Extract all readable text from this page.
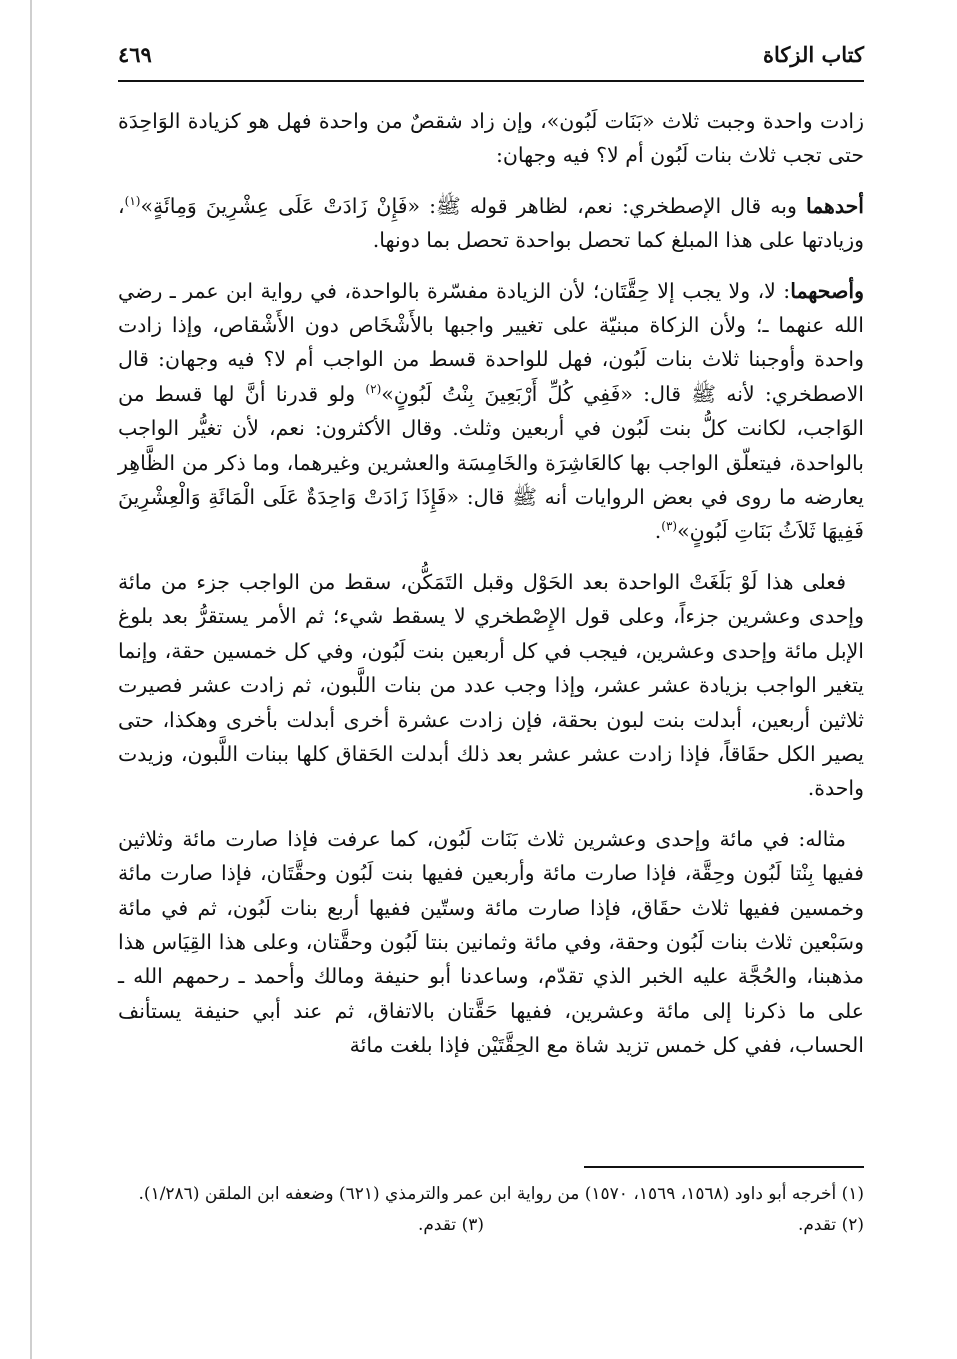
كتاب الزكاة
٤٦٩

زادت واحدة وجبت ثلاث «بَنَات لَبُون»، وإن زاد شقصٌ من واحدة فهل هو كزيادة الوَاحِدَة حتى تجب ثلاث بنات لَبُون أم لا؟ فيه وجهان:

أحدهما وبه قال الإصطخري: نعم، لظاهر قوله ﷺ: «فَإِنْ زَادَتْ عَلَى عِشْرِينَ وَمِائَةٍ»$^{(١)}$، وزيادتها على هذا المبلغ كما تحصل بواحدة تحصل بما دونها.

وأصحهما: لا، ولا يجب إلا حِقَّتَان؛ لأن الزيادة مفسّرة بالواحدة، في رواية ابن عمر ـ رضي الله عنهما ـ؛ ولأن الزكاة مبنيّة على تغيير واجبها بالأَشْخَاص دون الأَشْقاص، وإذا زادت واحدة وأوجبنا ثلاث بنات لَبُون، فهل للواحدة قسط من الواجب أم لا؟ فيه وجهان: قال الاصطخري: لأنه ﷺ قال: «فَفِي كُلِّ أَرْبَعِينَ بِنْتُ لَبُونٍ»$^{(٢)}$ ولو قدرنا أنَّ لها قسط من الوَاجب، لكانت كلُّ بنت لَبُون في أربعين وثلث. وقال الأكثرون: نعم، لأن تغيُّر الواجب بالواحدة، فيتعلّق الواجب بها كالعَاشِرَة والخَامِسَة والعشرين وغيرهما، وما ذكر من الظَّاهِر يعارضه ما روى في بعض الروايات أنه ﷺ قال: «فَإِذَا زَادَتْ وَاحِدَةٌ عَلَى الْمَائَةِ وَالْعِشْرِينَ فَفِيهَا ثَلاَثُ بَنَاتِ لَبُونٍ»$^{(٣)}$.

فعلى هذا لَوْ بَلَغَتْ الواحدة بعد الحَوْل وقبل التَمَكُّن، سقط من الواجب جزء من مائة وإحدى وعشرين جزءاً، وعلى قول الإِصْطخري لا يسقط شيء؛ ثم الأمر يستقرُّ بعد بلوغ الإبل مائة وإحدى وعشرين، فيجب في كل أربعين بنت لَبُون، وفي كل خمسين حقة، وإنما يتغير الواجب بزيادة عشر عشر، وإذا وجب عدد من بنات اللَّبون، ثم زادت عشر فصيرت ثلاثين أربعين، أبدلت بنت لبون بحقة، فإن زادت عشرة أخرى أبدلت بأخرى وهكذا، حتى يصير الكل حقَاقاً، فإذا زادت عشر عشر بعد ذلك أبدلت الحَقاق كلها ببنات اللَّبون، وزيدت واحدة.

مثاله: في مائة وإحدى وعشرين ثلاث بَنَات لَبُون، كما عرفت فإذا صارت مائة وثلاثين ففيها بِنْتا لَبُون وحِقَّة، فإذا صارت مائة وأربعين ففيها بنت لَبُون وحقَّتَان، فإذا صارت مائة وخمسين ففيها ثلاث حقَاق، فإذا صارت مائة وستّين ففيها أربع بنات لَبُون، ثم في مائة وسَبْعين ثلاث بنات لَبُون وحقة، وفي مائة وثمانين بنتا لَبُون وحقَّتان، وعلى هذا القِيَاس هذا مذهبنا، والحُجَّة عليه الخبر الذي تقدّم، وساعدنا أبو حنيفة ومالك وأحمد ـ رحمهم الله ـ على ما ذكرنا إلى مائة وعشرين، ففيها حَقَّتان بالاتفاق، ثم عند أبي حنيفة يستأنف الحساب، ففي كل خمس تزيد شاة مع الحِقَّتَيْن فإذا بلغت مائة

(١) أخرجه أبو داود (١٥٦٨، ١٥٦٩، ١٥٧٠) من رواية ابن عمر والترمذي (٦٢١) وضعفه ابن الملقن (١/٢٨٦).

(٢) تقدم.
(٣) تقدم.
